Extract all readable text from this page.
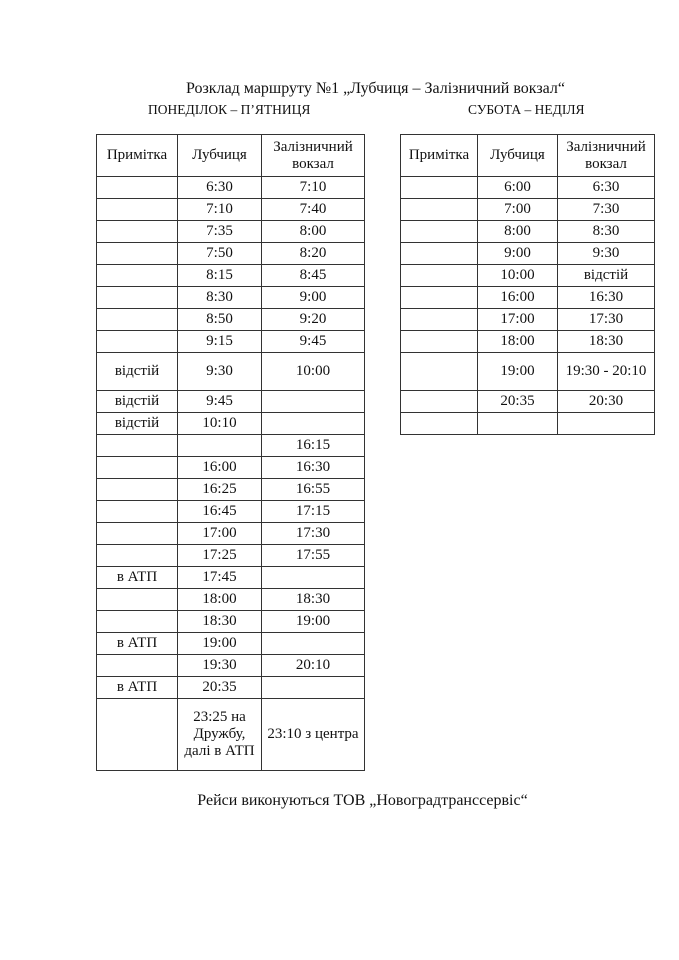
Розклад маршруту №1 „Лубчиця – Залізничний вокзал“
ПОНЕДІЛОК – П’ЯТНИЦЯ	СУБОТА – НЕДІЛЯ
Примітка	Лубчиця	Залізничний вокзал
	6:30	7:10
	7:10	7:40
	7:35	8:00
	7:50	8:20
	8:15	8:45
	8:30	9:00
	8:50	9:20
	9:15	9:45
відстій	9:30	10:00
відстій	9:45	
відстій	10:10	
		16:15
	16:00	16:30
	16:25	16:55
	16:45	17:15
	17:00	17:30
	17:25	17:55
в АТП	17:45	
	18:00	18:30
	18:30	19:00
в АТП	19:00	
	19:30	20:10
в АТП	20:35	
	23:25 на Дружбу, далі в АТП	23:10 з центра
Примітка	Лубчиця	Залізничний вокзал
	6:00	6:30
	7:00	7:30
	8:00	8:30
	9:00	9:30
	10:00	відстій
	16:00	16:30
	17:00	17:30
	18:00	18:30
	19:00	19:30 - 20:10
	20:35	20:30

Рейси виконуються ТОВ „Новоградтранссервіс“
